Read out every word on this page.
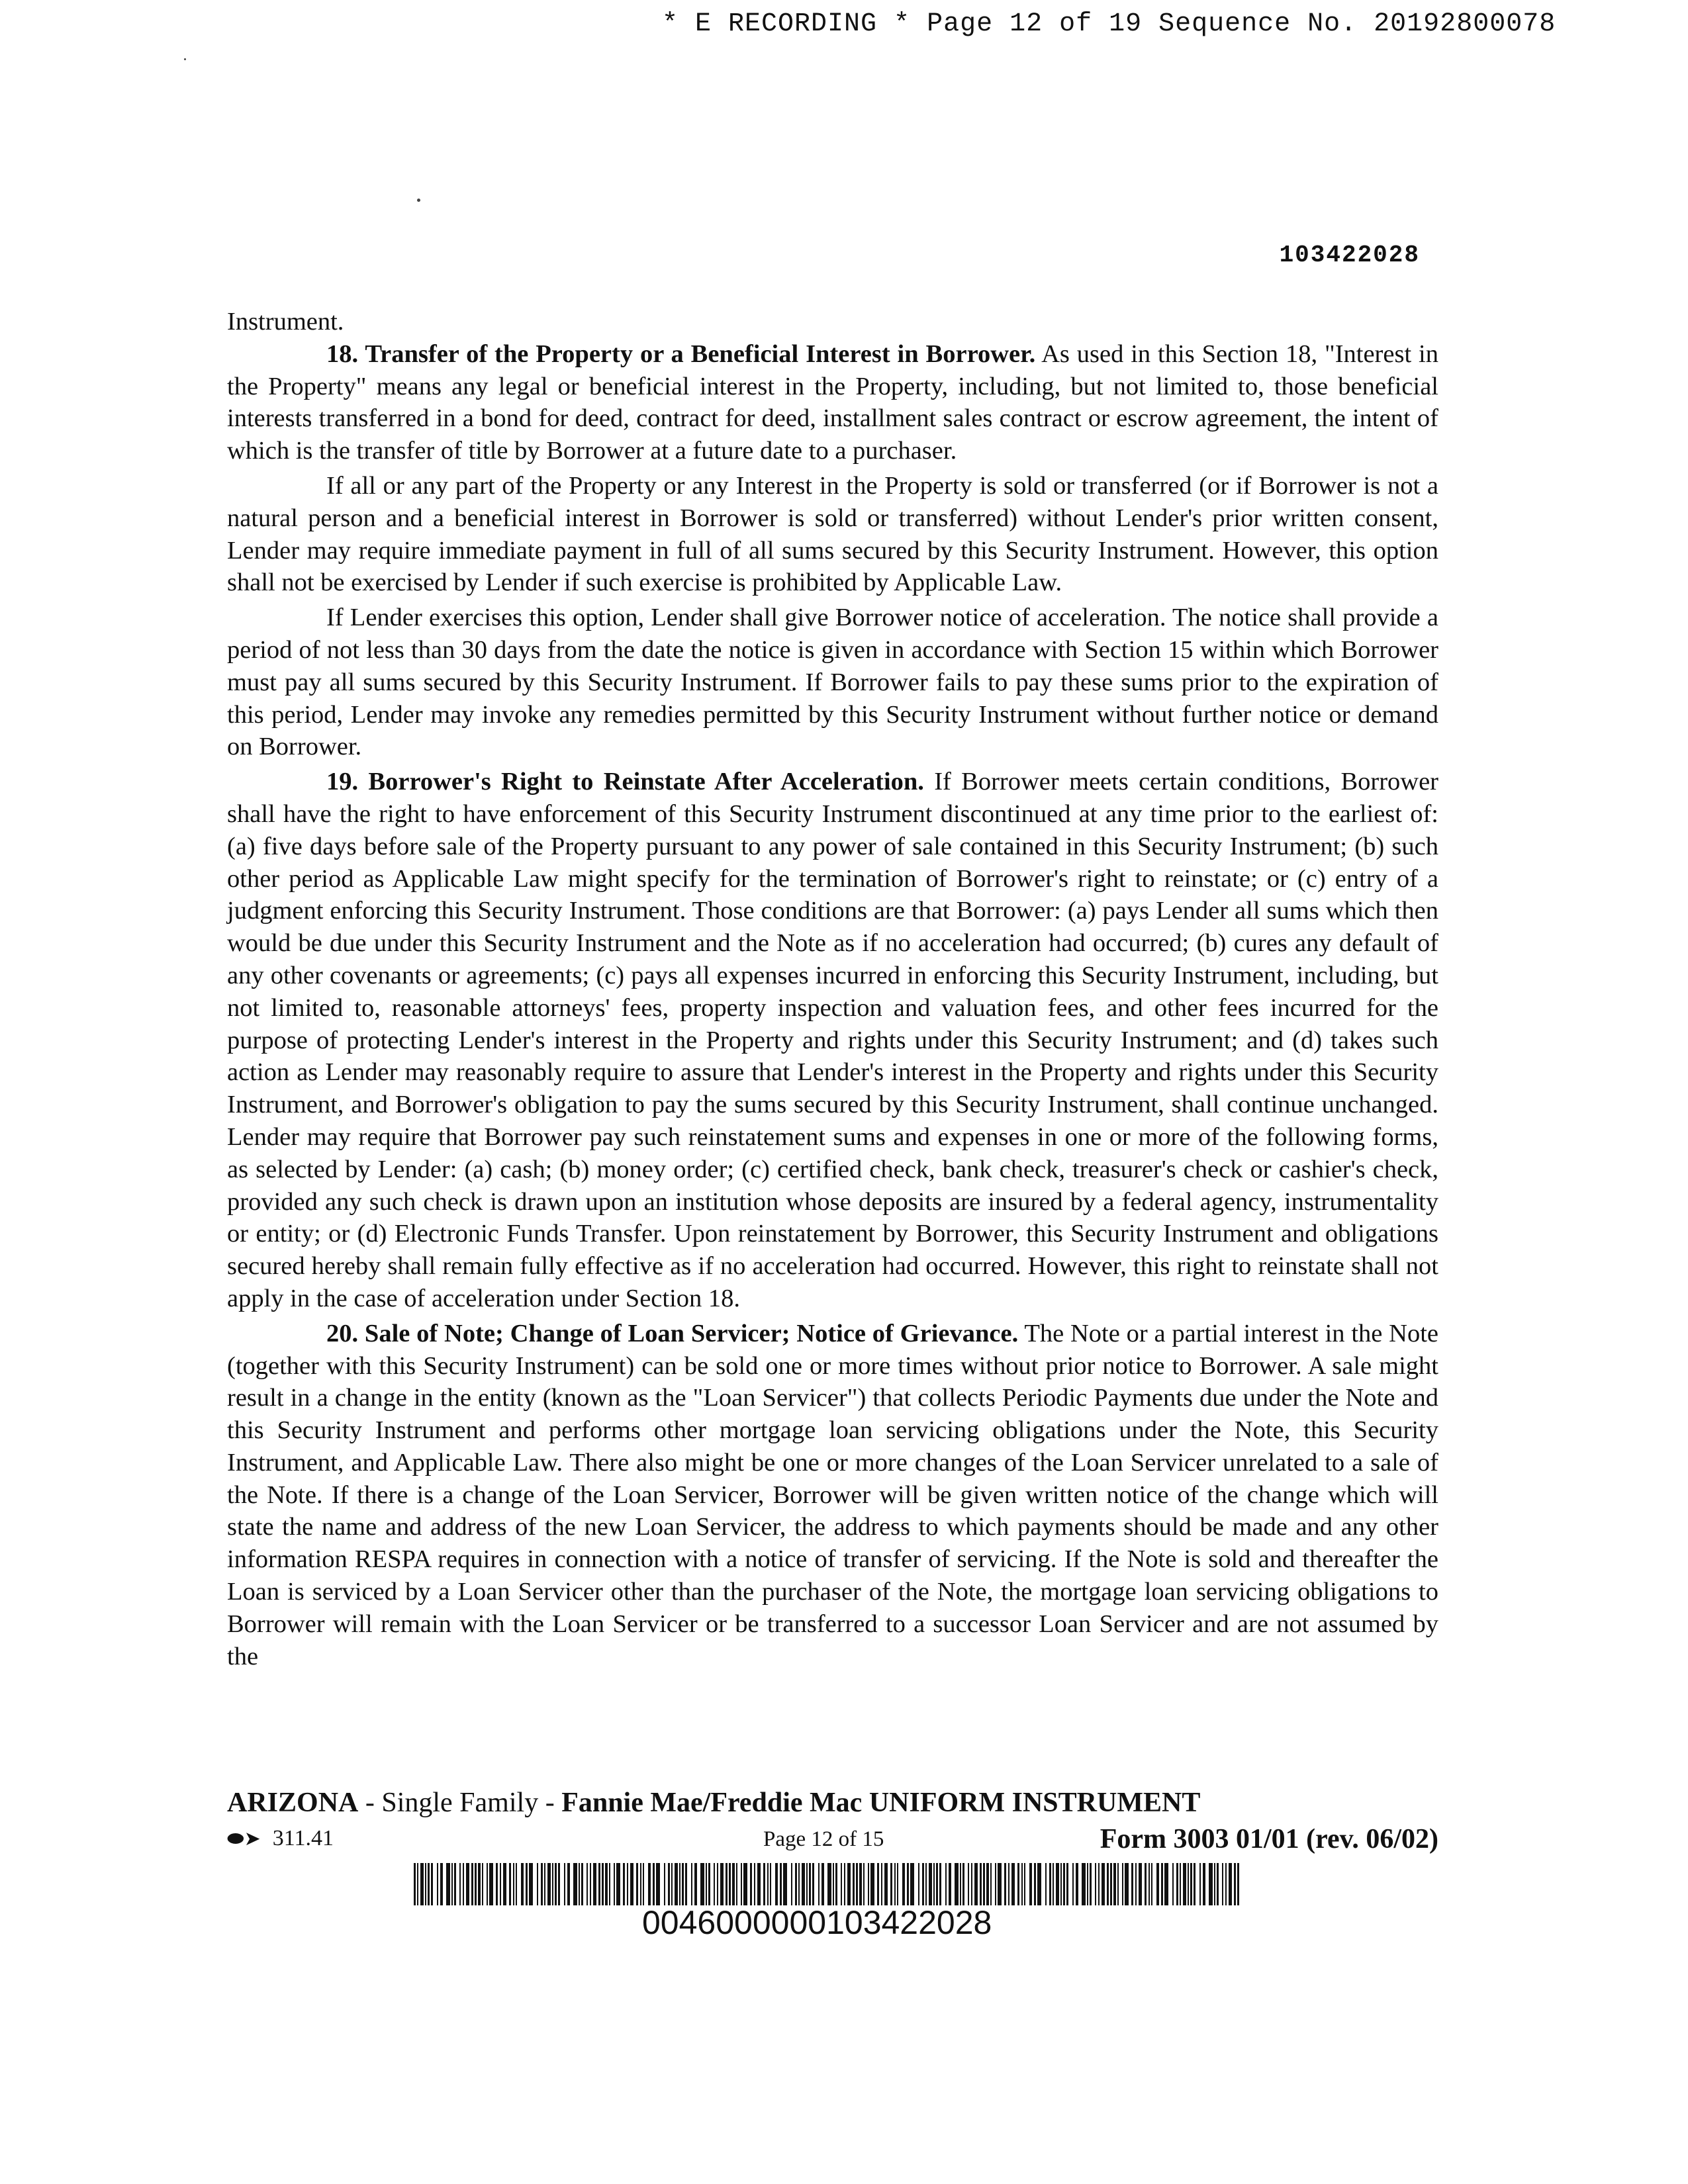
* E RECORDING * Page 12 of 19 Sequence No. 20192800078
103422028

Instrument.

18. Transfer of the Property or a Beneficial Interest in Borrower. As used in this Section 18, "Interest in the Property" means any legal or beneficial interest in the Property, including, but not limited to, those beneficial interests transferred in a bond for deed, contract for deed, installment sales contract or escrow agreement, the intent of which is the transfer of title by Borrower at a future date to a purchaser.

If all or any part of the Property or any Interest in the Property is sold or transferred (or if Borrower is not a natural person and a beneficial interest in Borrower is sold or transferred) without Lender's prior written consent, Lender may require immediate payment in full of all sums secured by this Security Instrument. However, this option shall not be exercised by Lender if such exercise is prohibited by Applicable Law.

If Lender exercises this option, Lender shall give Borrower notice of acceleration. The notice shall provide a period of not less than 30 days from the date the notice is given in accordance with Section 15 within which Borrower must pay all sums secured by this Security Instrument. If Borrower fails to pay these sums prior to the expiration of this period, Lender may invoke any remedies permitted by this Security Instrument without further notice or demand on Borrower.

19. Borrower's Right to Reinstate After Acceleration. If Borrower meets certain conditions, Borrower shall have the right to have enforcement of this Security Instrument discontinued at any time prior to the earliest of: (a) five days before sale of the Property pursuant to any power of sale contained in this Security Instrument; (b) such other period as Applicable Law might specify for the termination of Borrower's right to reinstate; or (c) entry of a judgment enforcing this Security Instrument. Those conditions are that Borrower: (a) pays Lender all sums which then would be due under this Security Instrument and the Note as if no acceleration had occurred; (b) cures any default of any other covenants or agreements; (c) pays all expenses incurred in enforcing this Security Instrument, including, but not limited to, reasonable attorneys' fees, property inspection and valuation fees, and other fees incurred for the purpose of protecting Lender's interest in the Property and rights under this Security Instrument; and (d) takes such action as Lender may reasonably require to assure that Lender's interest in the Property and rights under this Security Instrument, and Borrower's obligation to pay the sums secured by this Security Instrument, shall continue unchanged. Lender may require that Borrower pay such reinstatement sums and expenses in one or more of the following forms, as selected by Lender: (a) cash; (b) money order; (c) certified check, bank check, treasurer's check or cashier's check, provided any such check is drawn upon an institution whose deposits are insured by a federal agency, instrumentality or entity; or (d) Electronic Funds Transfer. Upon reinstatement by Borrower, this Security Instrument and obligations secured hereby shall remain fully effective as if no acceleration had occurred. However, this right to reinstate shall not apply in the case of acceleration under Section 18.

20. Sale of Note; Change of Loan Servicer; Notice of Grievance. The Note or a partial interest in the Note (together with this Security Instrument) can be sold one or more times without prior notice to Borrower. A sale might result in a change in the entity (known as the "Loan Servicer") that collects Periodic Payments due under the Note and this Security Instrument and performs other mortgage loan servicing obligations under the Note, this Security Instrument, and Applicable Law. There also might be one or more changes of the Loan Servicer unrelated to a sale of the Note. If there is a change of the Loan Servicer, Borrower will be given written notice of the change which will state the name and address of the new Loan Servicer, the address to which payments should be made and any other information RESPA requires in connection with a notice of transfer of servicing. If the Note is sold and thereafter the Loan is serviced by a Loan Servicer other than the purchaser of the Note, the mortgage loan servicing obligations to Borrower will remain with the Loan Servicer or be transferred to a successor Loan Servicer and are not assumed by the

ARIZONA - Single Family - Fannie Mae/Freddie Mac UNIFORM INSTRUMENT
⬬➤ 311.41	Page 12 of 15	Form 3003 01/01 (rev. 06/02)
0046000000103422028
